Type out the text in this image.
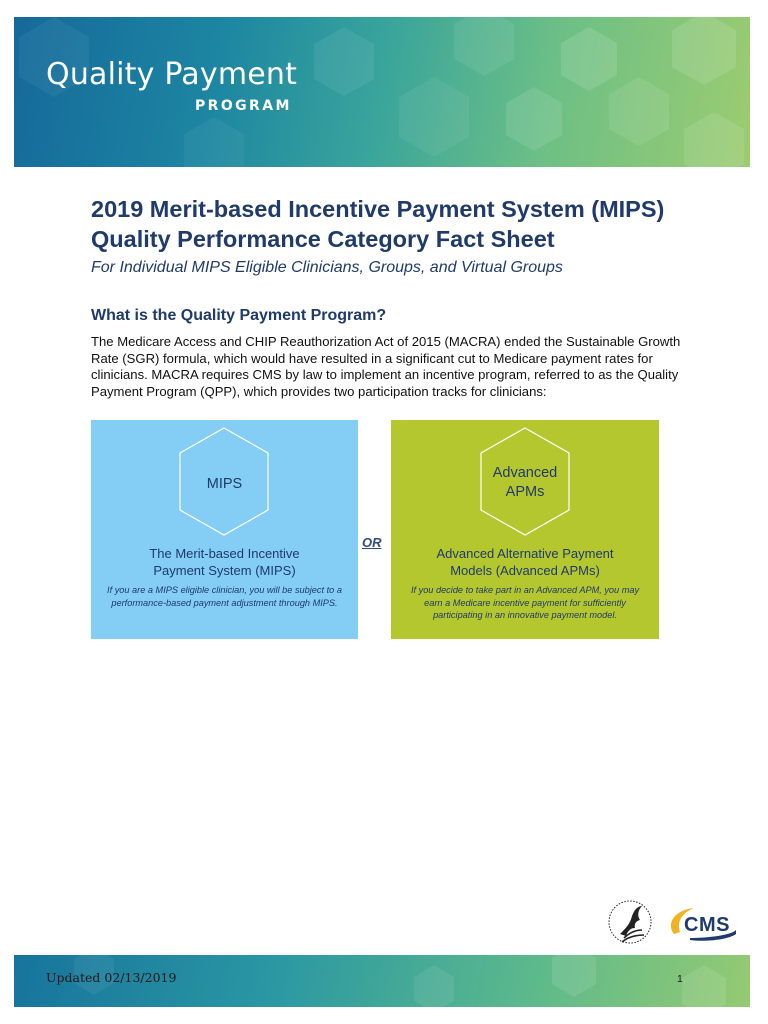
Quality Payment
PROGRAM
2019 Merit-based Incentive Payment System (MIPS) Quality Performance Category Fact Sheet

For Individual MIPS Eligible Clinicians, Groups, and Virtual Groups

What is the Quality Payment Program?

The Medicare Access and CHIP Reauthorization Act of 2015 (MACRA) ended the Sustainable Growth Rate (SGR) formula, which would have resulted in a significant cut to Medicare payment rates for clinicians. MACRA requires CMS by law to implement an incentive program, referred to as the Quality Payment Program (QPP), which provides two participation tracks for clinicians:

MIPS
The Merit-based Incentive
Payment System (MIPS)
If you are a MIPS eligible clinician, you will be subject to a performance-based payment adjustment through MIPS.
OR
Advanced
APMs
Advanced Alternative Payment
Models (Advanced APMs)
If you decide to take part in an Advanced APM, you may earn a Medicare incentive payment for sufficiently participating in an innovative payment model.
CMS
Updated 02/13/2019	1
